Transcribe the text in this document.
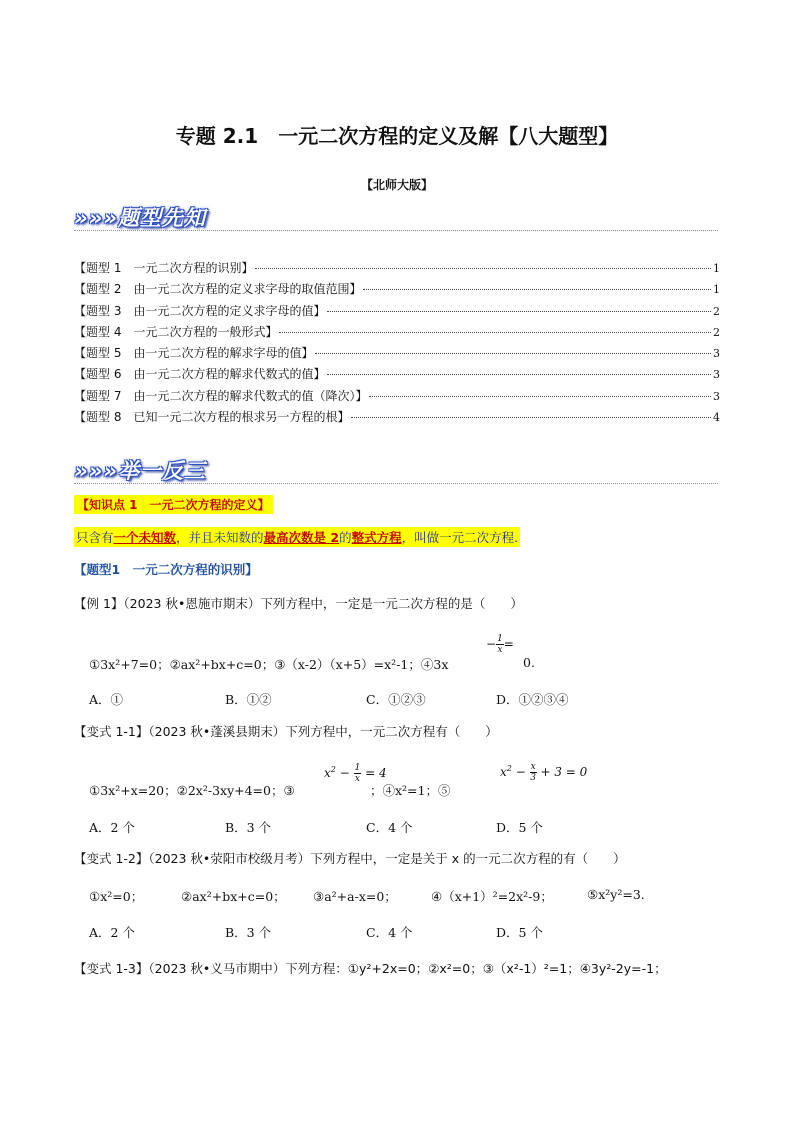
专题 2.1　一元二次方程的定义及解【八大题型】
【北师大版】
»»»题型先知
【题型 1　一元二次方程的识别】	1
【题型 2　由一元二次方程的定义求字母的取值范围】	1
【题型 3　由一元二次方程的定义求字母的值】	2
【题型 4　一元二次方程的一般形式】	2
【题型 5　由一元二次方程的解求字母的值】	3
【题型 6　由一元二次方程的解求代数式的值】	3
【题型 7　由一元二次方程的解求代数式的值（降次）】	3
【题型 8　已知一元二次方程的根求另一方程的根】	4
»»»举一反三
【知识点 1　一元二次方程的定义】
只含有一个未知数，并且未知数的最高次数是 2的整式方程，叫做一元二次方程.
【题型1　一元二次方程的识别】
【例 1】（2023 秋•恩施市期末）下列方程中，一定是一元二次方程的是（　　）
①3x²+7=0；②ax²+bx+c=0；③（x-2）（x+5）=x²-1；④3x
− $\frac{1}{x}$ =
0.
A．①	B．①②	C．①②③	D．①②③④
【变式 1-1】（2023 秋•蓬溪县期末）下列方程中，一元二次方程有（　　）
①3x²+x=20；②2x²-3xy+4=0；③
$x^2 - \frac{1}{x} = 4$
；④x²=1；⑤
$x^2 - \frac{x}{3} + 3 = 0$
A．2 个	B．3 个	C．4 个	D．5 个
【变式 1-2】（2023 秋•荥阳市校级月考）下列方程中，一定是关于 x 的一元二次方程的有（　　）
①x²=0；	②ax²+bx+c=0； ③a²+a-x=0；	④（x+1）²=2x²-9；	⑤x²y²=3.
A．2 个	B．3 个	C．4 个	D．5 个
【变式 1-3】（2023 秋•义马市期中）下列方程：①y²+2x=0；②x²=0；③（x²-1）²=1；④3y²-2y=-1；
